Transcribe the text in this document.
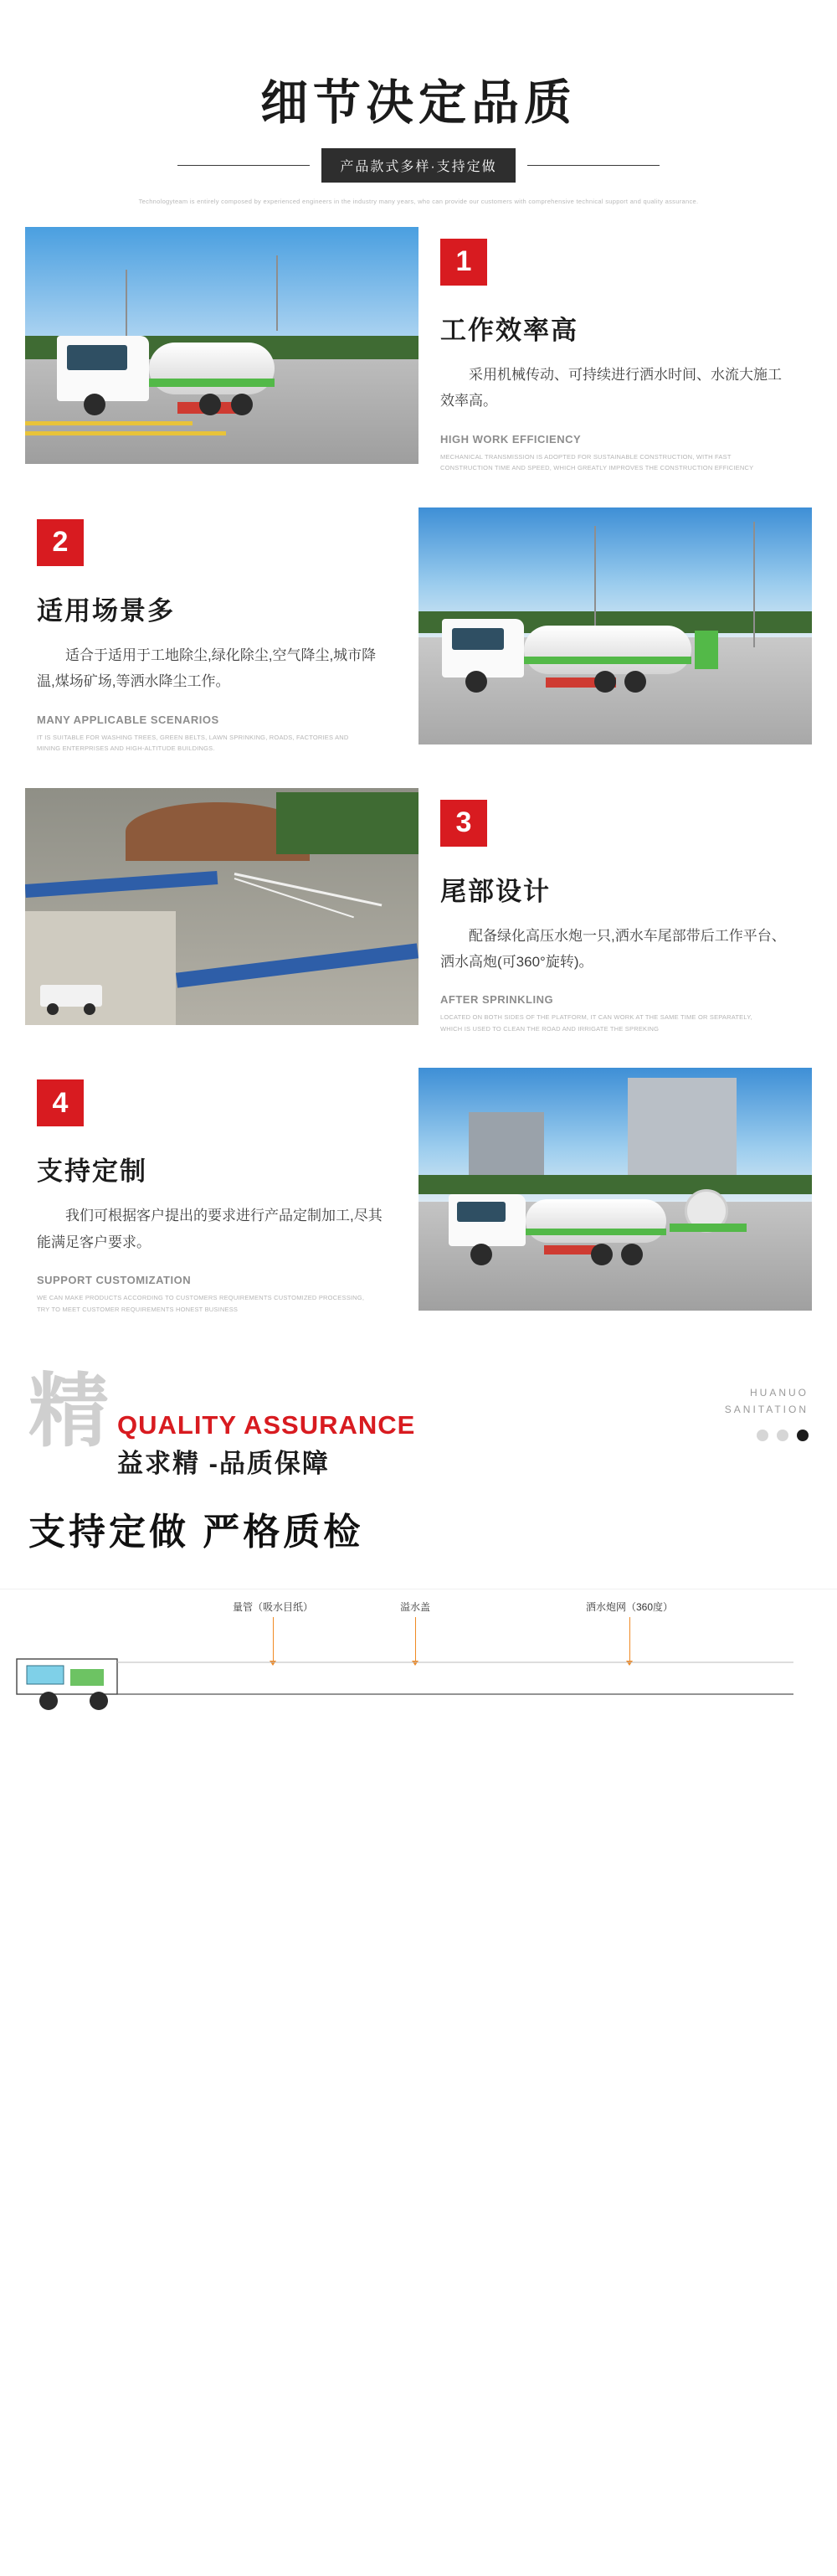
细节决定品质
产品款式多样·支持定做
Technologyteam is entirely composed by experienced engineers in the industry many years, who can provide our customers with comprehensive technical support and quality assurance.
1
工作效率高
采用机械传动、可持续进行洒水时间、水流大施工效率高。
HIGH WORK EFFICIENCY
MECHANICAL TRANSMISSION IS ADOPTED FOR SUSTAINABLE CONSTRUCTION, WITH FAST CONSTRUCTION TIME AND SPEED, WHICH GREATLY IMPROVES THE CONSTRUCTION EFFICIENCY
2
适用场景多
适合于适用于工地除尘,绿化除尘,空气降尘,城市降温,煤场矿场,等洒水降尘工作。
MANY APPLICABLE SCENARIOS
IT IS SUITABLE FOR WASHING TREES, GREEN BELTS, LAWN SPRINKING, ROADS, FACTORIES AND MINING ENTERPRISES AND HIGH-ALTITUDE BUILDINGS.
3
尾部设计
配备绿化高压水炮一只,洒水车尾部带后工作平台、洒水高炮(可360°旋转)。
AFTER SPRINKLING
LOCATED ON BOTH SIDES OF THE PLATFORM, IT CAN WORK AT THE SAME TIME OR SEPARATELY, WHICH IS USED TO CLEAN THE ROAD AND IRRIGATE THE SPREKING
4
支持定制
我们可根据客户提出的要求进行产品定制加工,尽其能满足客户要求。
SUPPORT CUSTOMIZATION
WE CAN MAKE PRODUCTS ACCORDING TO CUSTOMERS REQUIREMENTS CUSTOMIZED PROCESSING, TRY TO MEET CUSTOMER REQUIREMENTS HONEST BUSINESS
精 QUALITY ASSURANCE
益求精 -品质保障
支持定做 严格质检
HUANUO
SANITATION
量管（吸水目纸）	溢水盖	洒水炮网（360度）
